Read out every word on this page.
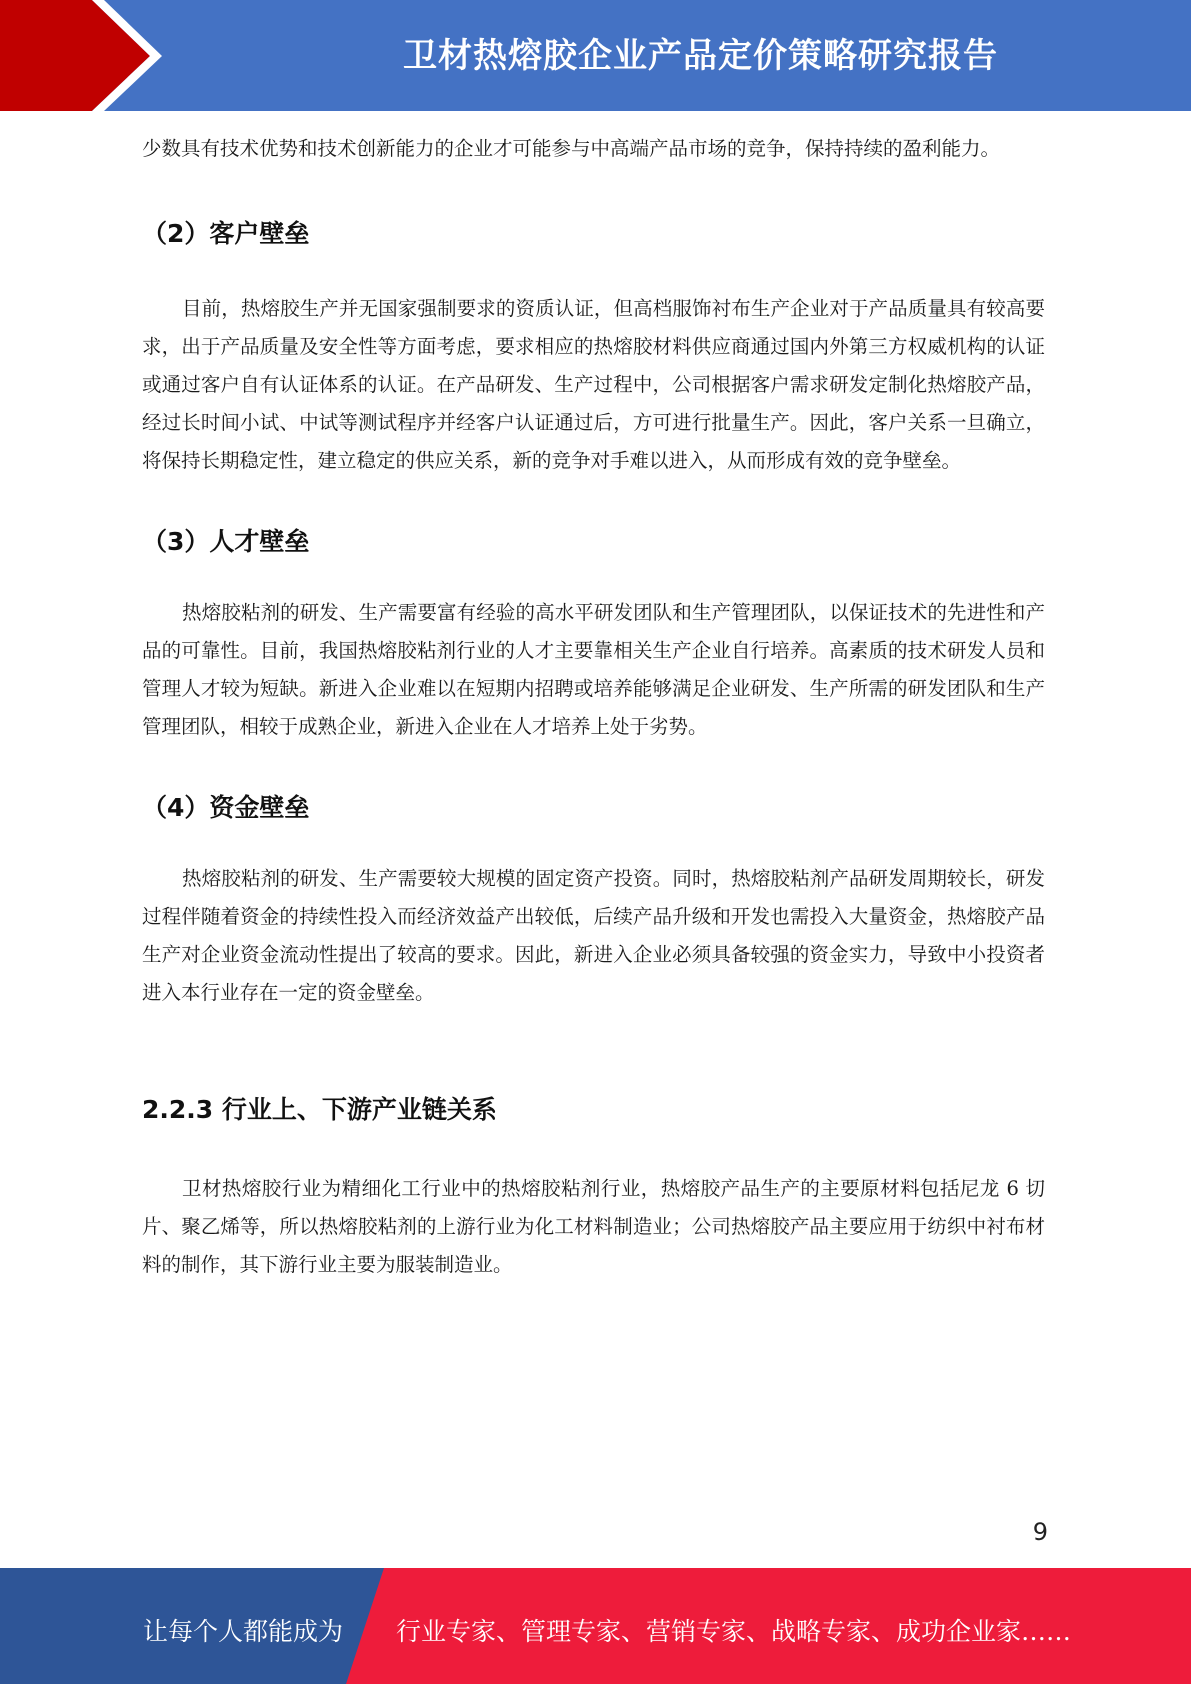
卫材热熔胶企业产品定价策略研究报告

少数具有技术优势和技术创新能力的企业才可能参与中高端产品市场的竞争，保持持续的盈利能力。

（2）客户壁垒

目前，热熔胶生产并无国家强制要求的资质认证，但高档服饰衬布生产企业对于产品质量具有较高要求，出于产品质量及安全性等方面考虑，要求相应的热熔胶材料供应商通过国内外第三方权威机构的认证或通过客户自有认证体系的认证。在产品研发、生产过程中，公司根据客户需求研发定制化热熔胶产品，经过长时间小试、中试等测试程序并经客户认证通过后，方可进行批量生产。因此，客户关系一旦确立，将保持长期稳定性，建立稳定的供应关系，新的竞争对手难以进入，从而形成有效的竞争壁垒。

（3）人才壁垒

热熔胶粘剂的研发、生产需要富有经验的高水平研发团队和生产管理团队，以保证技术的先进性和产品的可靠性。目前，我国热熔胶粘剂行业的人才主要靠相关生产企业自行培养。高素质的技术研发人员和管理人才较为短缺。新进入企业难以在短期内招聘或培养能够满足企业研发、生产所需的研发团队和生产管理团队，相较于成熟企业，新进入企业在人才培养上处于劣势。

（4）资金壁垒

热熔胶粘剂的研发、生产需要较大规模的固定资产投资。同时，热熔胶粘剂产品研发周期较长，研发过程伴随着资金的持续性投入而经济效益产出较低，后续产品升级和开发也需投入大量资金，热熔胶产品生产对企业资金流动性提出了较高的要求。因此，新进入企业必须具备较强的资金实力，导致中小投资者进入本行业存在一定的资金壁垒。

2.2.3 行业上、下游产业链关系

卫材热熔胶行业为精细化工行业中的热熔胶粘剂行业，热熔胶产品生产的主要原材料包括尼龙 6 切片、聚乙烯等，所以热熔胶粘剂的上游行业为化工材料制造业；公司热熔胶产品主要应用于纺织中衬布材料的制作，其下游行业主要为服装制造业。

9
让每个人都能成为 行业专家、管理专家、营销专家、战略专家、成功企业家……
